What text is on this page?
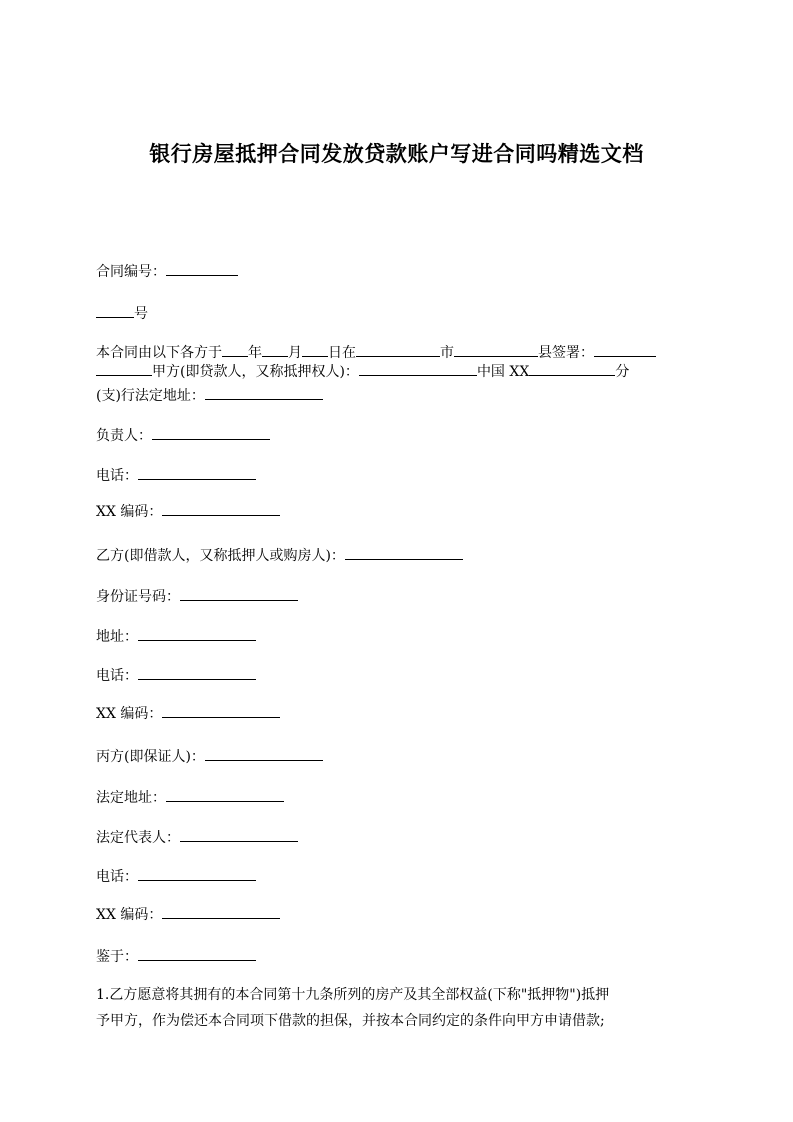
银行房屋抵押合同发放贷款账户写进合同吗精选文档
合同编号：
号
本合同由以下各方于 年 月 日在	市	县签署：
甲方(即贷款人，又称抵押权人)：	中国 XX	分
(支)行法定地址：
负责人：
电话：
XX 编码：
乙方(即借款人，又称抵押人或购房人)：
身份证号码：
地址：
电话：
XX 编码：
丙方(即保证人)：
法定地址：
法定代表人：
电话：
XX 编码：
鉴于：
1.乙方愿意将其拥有的本合同第十九条所列的房产及其全部权益(下称"抵押物")抵押
予甲方，作为偿还本合同项下借款的担保，并按本合同约定的条件向甲方申请借款;
